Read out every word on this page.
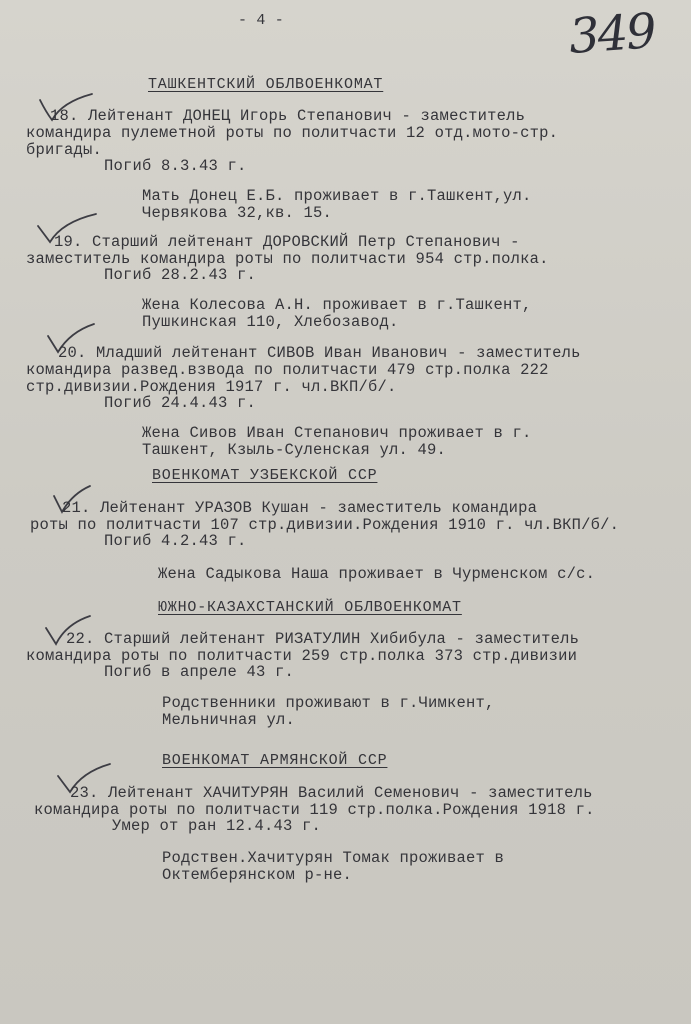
- 4 -	349
ТАШКЕНТСКИЙ ОБЛВОЕНКОМАТ
18. Лейтенант ДОНЕЦ Игорь Степанович - заместитель
командира пулеметной роты по политчасти 12 отд.мото-стр.
бригады.
Погиб 8.3.43 г.
Мать Донец Е.Б. проживает в г.Ташкент,ул.
Червякова 32,кв. 15.
19. Старший лейтенант ДОРОВСКИЙ Петр Степанович -
заместитель командира роты по политчасти 954 стр.полка.
Погиб 28.2.43 г.
Жена Колесова А.Н. проживает в г.Ташкент,
Пушкинская 110, Хлебозавод.
20. Младший лейтенант СИВОВ Иван Иванович - заместитель
командира развед.взвода по политчасти 479 стр.полка 222
стр.дивизии.Рождения 1917 г. чл.ВКП/б/.
Погиб 24.4.43 г.
Жена Сивов Иван Степанович проживает в г.
Ташкент, Кзыль-Суленская ул. 49.
ВОЕНКОМАТ УЗБЕКСКОЙ ССР
21. Лейтенант УРАЗОВ Кушан - заместитель командира
роты по политчасти 107 стр.дивизии.Рождения 1910 г. чл.ВКП/б/.
Погиб 4.2.43 г.
Жена Садыкова Наша проживает в Чурменском с/с.
ЮЖНО-КАЗАХСТАНСКИЙ ОБЛВОЕНКОМАТ
22. Старший лейтенант РИЗАТУЛИН Хибибула - заместитель
командира роты по политчасти 259 стр.полка 373 стр.дивизии
Погиб в апреле 43 г.
Родственники проживают в г.Чимкент,
Мельничная ул.
ВОЕНКОМАТ АРМЯНСКОЙ ССР
23. Лейтенант ХАЧИТУРЯН Василий Семенович - заместитель
командира роты по политчасти 119 стр.полка.Рождения 1918 г.
Умер от ран 12.4.43 г.
Родствен.Хачитурян Томак проживает в
Октемберянском р-не.
